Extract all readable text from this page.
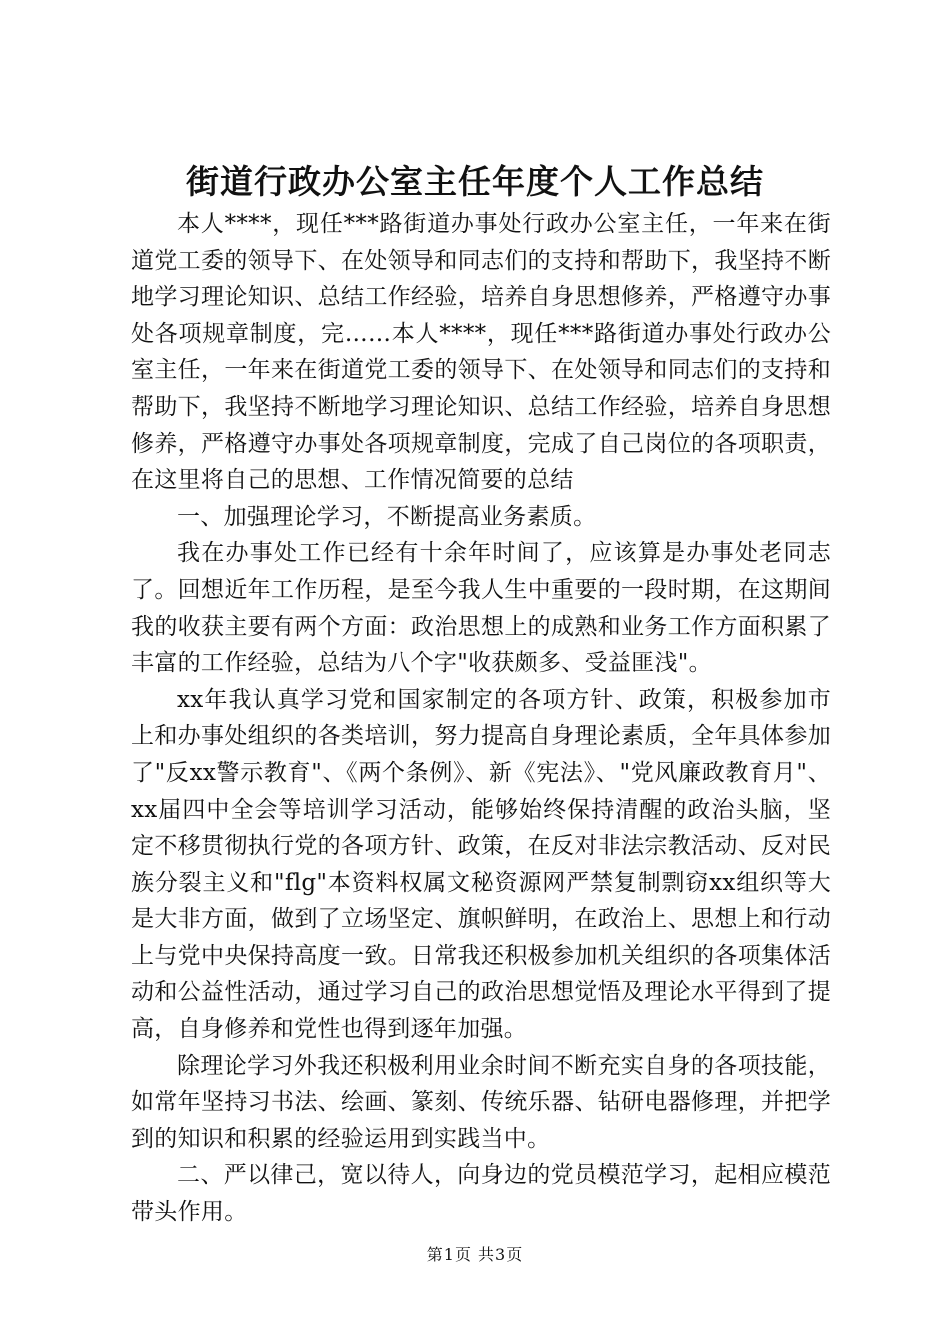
街道行政办公室主任年度个人工作总结

本人****，现任***路街道办事处行政办公室主任，一年来在街道党工委的领导下、在处领导和同志们的支持和帮助下，我坚持不断地学习理论知识、总结工作经验，培养自身思想修养，严格遵守办事处各项规章制度，完……本人****，现任***路街道办事处行政办公室主任，一年来在街道党工委的领导下、在处领导和同志们的支持和帮助下，我坚持不断地学习理论知识、总结工作经验，培养自身思想修养，严格遵守办事处各项规章制度，完成了自己岗位的各项职责，在这里将自己的思想、工作情况简要的总结

一、加强理论学习，不断提高业务素质。

我在办事处工作已经有十余年时间了，应该算是办事处老同志了。回想近年工作历程，是至今我人生中重要的一段时期，在这期间我的收获主要有两个方面：政治思想上的成熟和业务工作方面积累了丰富的工作经验，总结为八个字"收获颇多、受益匪浅"。

xx年我认真学习党和国家制定的各项方针、政策，积极参加市上和办事处组织的各类培训，努力提高自身理论素质，全年具体参加了"反xx警示教育"、《两个条例》、新《宪法》、"党风廉政教育月"、xx届四中全会等培训学习活动，能够始终保持清醒的政治头脑，坚定不移贯彻执行党的各项方针、政策，在反对非法宗教活动、反对民族分裂主义和"flg"本资料权属文秘资源网严禁复制剽窃xx组织等大是大非方面，做到了立场坚定、旗帜鲜明，在政治上、思想上和行动上与党中央保持高度一致。日常我还积极参加机关组织的各项集体活动和公益性活动，通过学习自己的政治思想觉悟及理论水平得到了提高，自身修养和党性也得到逐年加强。

除理论学习外我还积极利用业余时间不断充实自身的各项技能，如常年坚持习书法、绘画、篆刻、传统乐器、钻研电器修理，并把学到的知识和积累的经验运用到实践当中。

二、严以律己，宽以待人，向身边的党员模范学习，起相应模范带头作用。

第1页 共3页
